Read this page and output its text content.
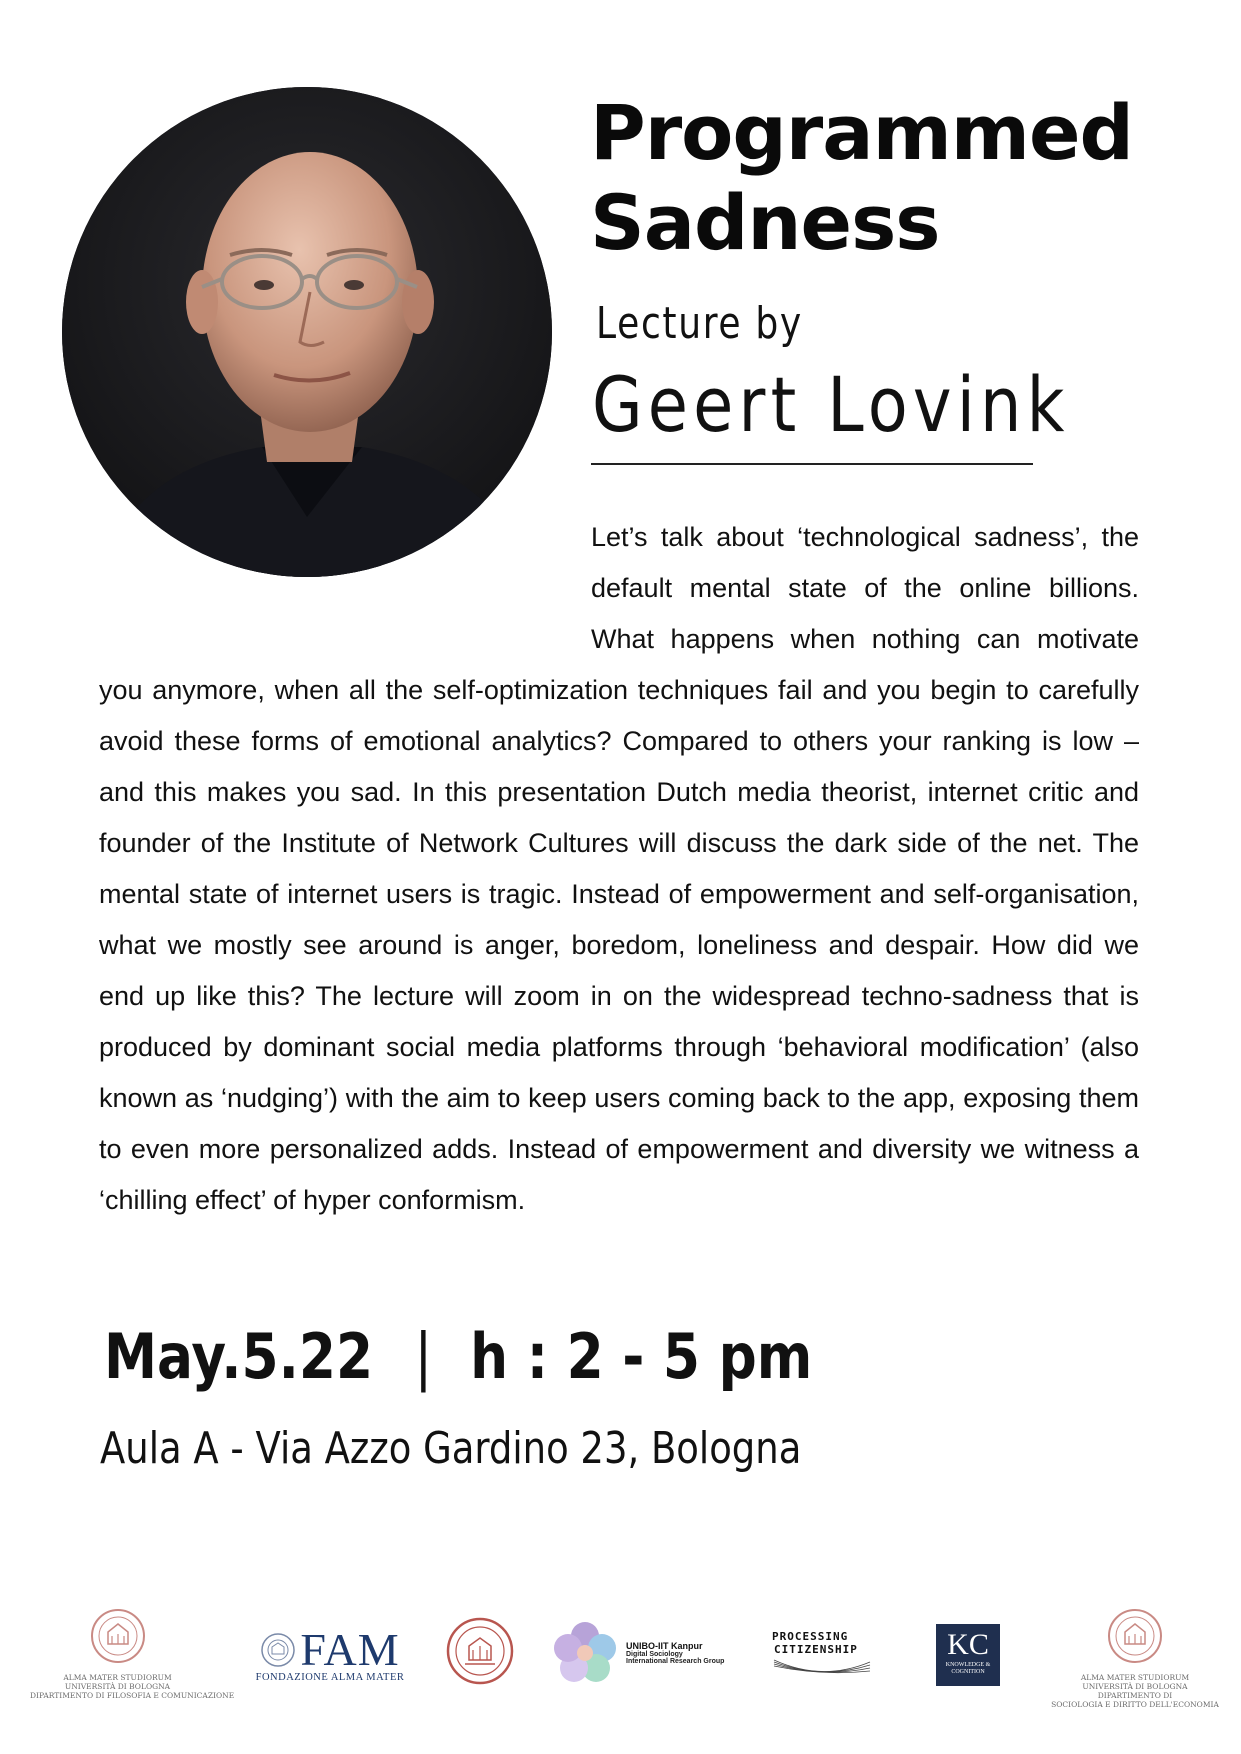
Programmed
Sadness
Lecture by
Geert Lovink
Let’s talk about ‘technological sadness’, the default mental state of the online billions. What happens when nothing can motivate you anymore, when all the self-optimization techniques fail and you begin to carefully avoid these forms of emotional analytics? Compared to others your ranking is low – and this makes you sad. In this presentation Dutch media theorist, internet critic and founder of the Institute of Network Cultures will discuss the dark side of the net. The mental state of internet users is tragic. Instead of empowerment and self-organisation, what we mostly see around is anger, boredom, loneliness and despair. How did we end up like this? The lecture will zoom in on the widespread techno-sadness that is produced by dominant social media platforms through ‘behavioral modification’ (also known as ‘nudging’) with the aim to keep users coming back to the app, exposing them to even more personalized adds. Instead of empowerment and diversity we witness a ‘chilling effect’ of hyper conformism.
May.5.22 | h : 2 - 5 pm
Aula A - Via Azzo Gardino 23, Bologna
ALMA MATER STUDIORUM
UNIVERSITÀ DI BOLOGNA
DIPARTIMENTO DI FILOSOFIA E COMUNICAZIONE
FAM
FONDAZIONE ALMA MATER
UNIBO-IIT Kanpur
Digital Sociology
International Research Group
PROCESSING
CITIZENSHIP	KC
KNOWLEDGE &
COGNITION
ALMA MATER STUDIORUM
UNIVERSITÀ DI BOLOGNA
DIPARTIMENTO DI
SOCIOLOGIA E DIRITTO DELL'ECONOMIA
